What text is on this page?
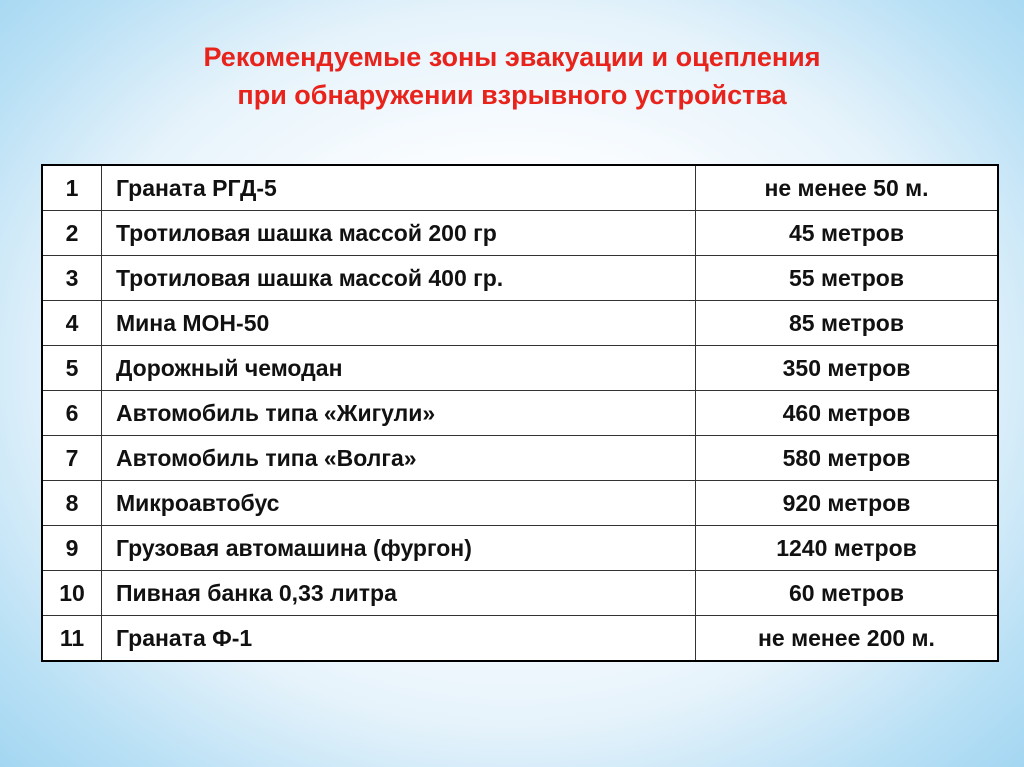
Рекомендуемые зоны эвакуации и оцепления
при обнаружении взрывного устройства
1	Граната РГД-5	не менее 50 м.
2	Тротиловая шашка массой 200 гр	45 метров
3	Тротиловая шашка массой 400 гр.	55 метров
4	Мина МОН-50	85 метров
5	Дорожный чемодан	350 метров
6	Автомобиль типа «Жигули»	460 метров
7	Автомобиль типа «Волга»	580 метров
8	Микроавтобус	920 метров
9	Грузовая автомашина (фургон)	1240 метров
10	Пивная банка 0,33 литра	60 метров
11	Граната Ф-1	не менее 200 м.
